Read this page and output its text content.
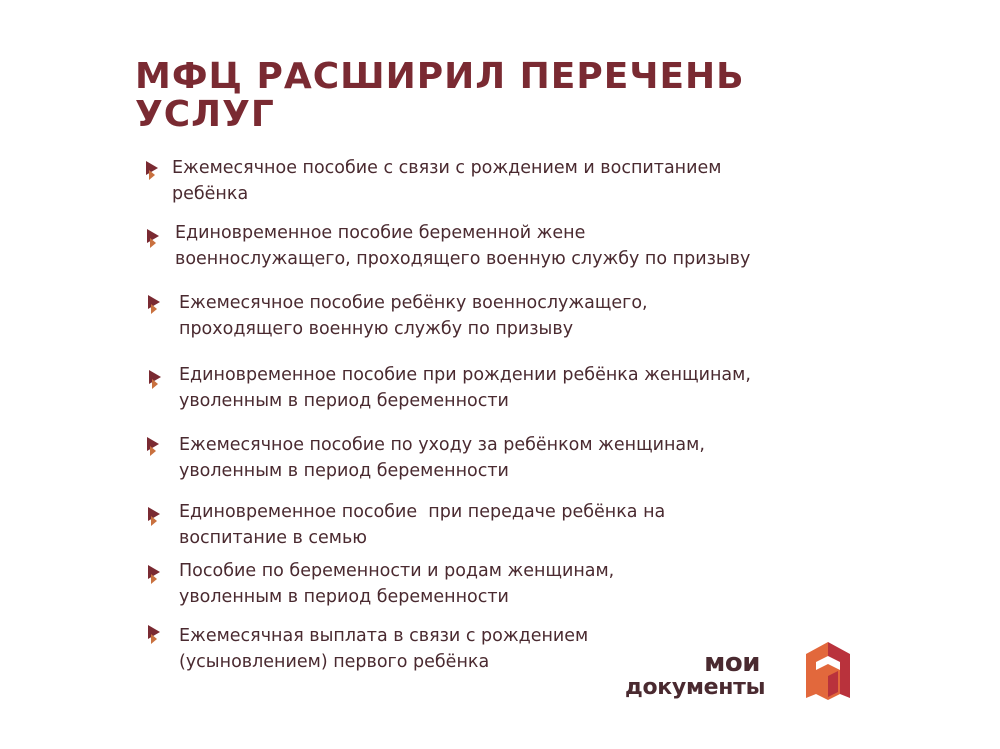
МФЦ РАСШИРИЛ ПЕРЕЧЕНЬ
УСЛУГ

Ежемесячное пособие с связи с рождением и воспитанием
ребёнка

Единовременное пособие беременной жене
военнослужащего, проходящего военную службу по призыву

Ежемесячное пособие ребёнку военнослужащего,
проходящего военную службу по призыву

Единовременное пособие при рождении ребёнка женщинам,
уволенным в период беременности

Ежемесячное пособие по уходу за ребёнком женщинам,
уволенным в период беременности

Единовременное пособие  при передаче ребёнка на
воспитание в семью

Пособие по беременности и родам женщинам,
уволенным в период беременности

Ежемесячная выплата в связи с рождением
(усыновлением) первого ребёнка	мои
документы
